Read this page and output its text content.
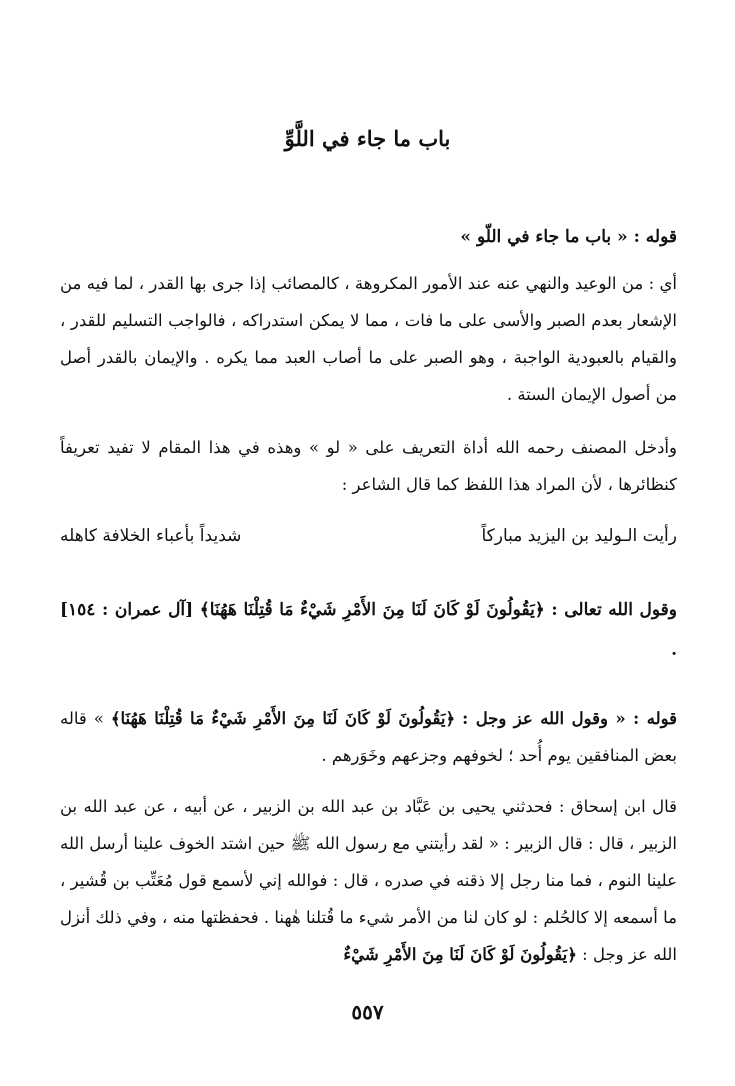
باب ما جاء في اللَّوِّ
قوله : « باب ما جاء في اللّو »
أي : من الوعيد والنهي عنه عند الأمور المكروهة ، كالمصائب إذا جرى بها القدر ، لما فيه من الإشعار بعدم الصبر والأسى على ما فات ، مما لا يمكن استدراكه ، فالواجب التسليم للقدر ، والقيام بالعبودية الواجبة ، وهو الصبر على ما أصاب العبد مما يكره . والإيمان بالقدر أصل من أصول الإيمان الستة .
وأدخل المصنف رحمه الله أداة التعريف على « لو » وهذه في هذا المقام لا تفيد تعريفاً كنظائرها ، لأن المراد هذا اللفظ كما قال الشاعر :
رأيت الـوليد بن اليزيد مباركاً
شديداً بأعباء الخلافة كاهله
وقول الله تعالى : ﴿يَقُولُونَ لَوْ كَانَ لَنَا مِنَ الأَمْرِ شَيْءٌ مَا قُتِلْنَا هَهُنَا﴾ [آل عمران : ١٥٤] .
قوله : « وقول الله عز وجل : ﴿يَقُولُونَ لَوْ كَانَ لَنَا مِنَ الأَمْرِ شَيْءٌ مَا قُتِلْنَا هَهُنَا﴾ » قاله بعض المنافقين يوم أُحد ؛ لخوفهم وجزعهم وخَوَرهم .
قال ابن إسحاق : فحدثني يحيى بن عَبَّاد بن عبد الله بن الزبير ، عن أبيه ، عن عبد الله بن الزبير ، قال : قال الزبير : « لقد رأيتني مع رسول الله ﷺ حين اشتد الخوف علينا أرسل الله علينا النوم ، فما منا رجل إلا ذقنه في صدره ، قال : فوالله إني لأسمع قول مُعَتِّب بن قُشير ، ما أسمعه إلا كالحُلم : لو كان لنا من الأمر شيء ما قُتلنا هٰهنا . فحفظتها منه ، وفي ذلك أنزل الله عز وجل : ﴿يَقُولُونَ لَوْ كَانَ لَنَا مِنَ الأَمْرِ شَيْءٌ
٥٥٧
